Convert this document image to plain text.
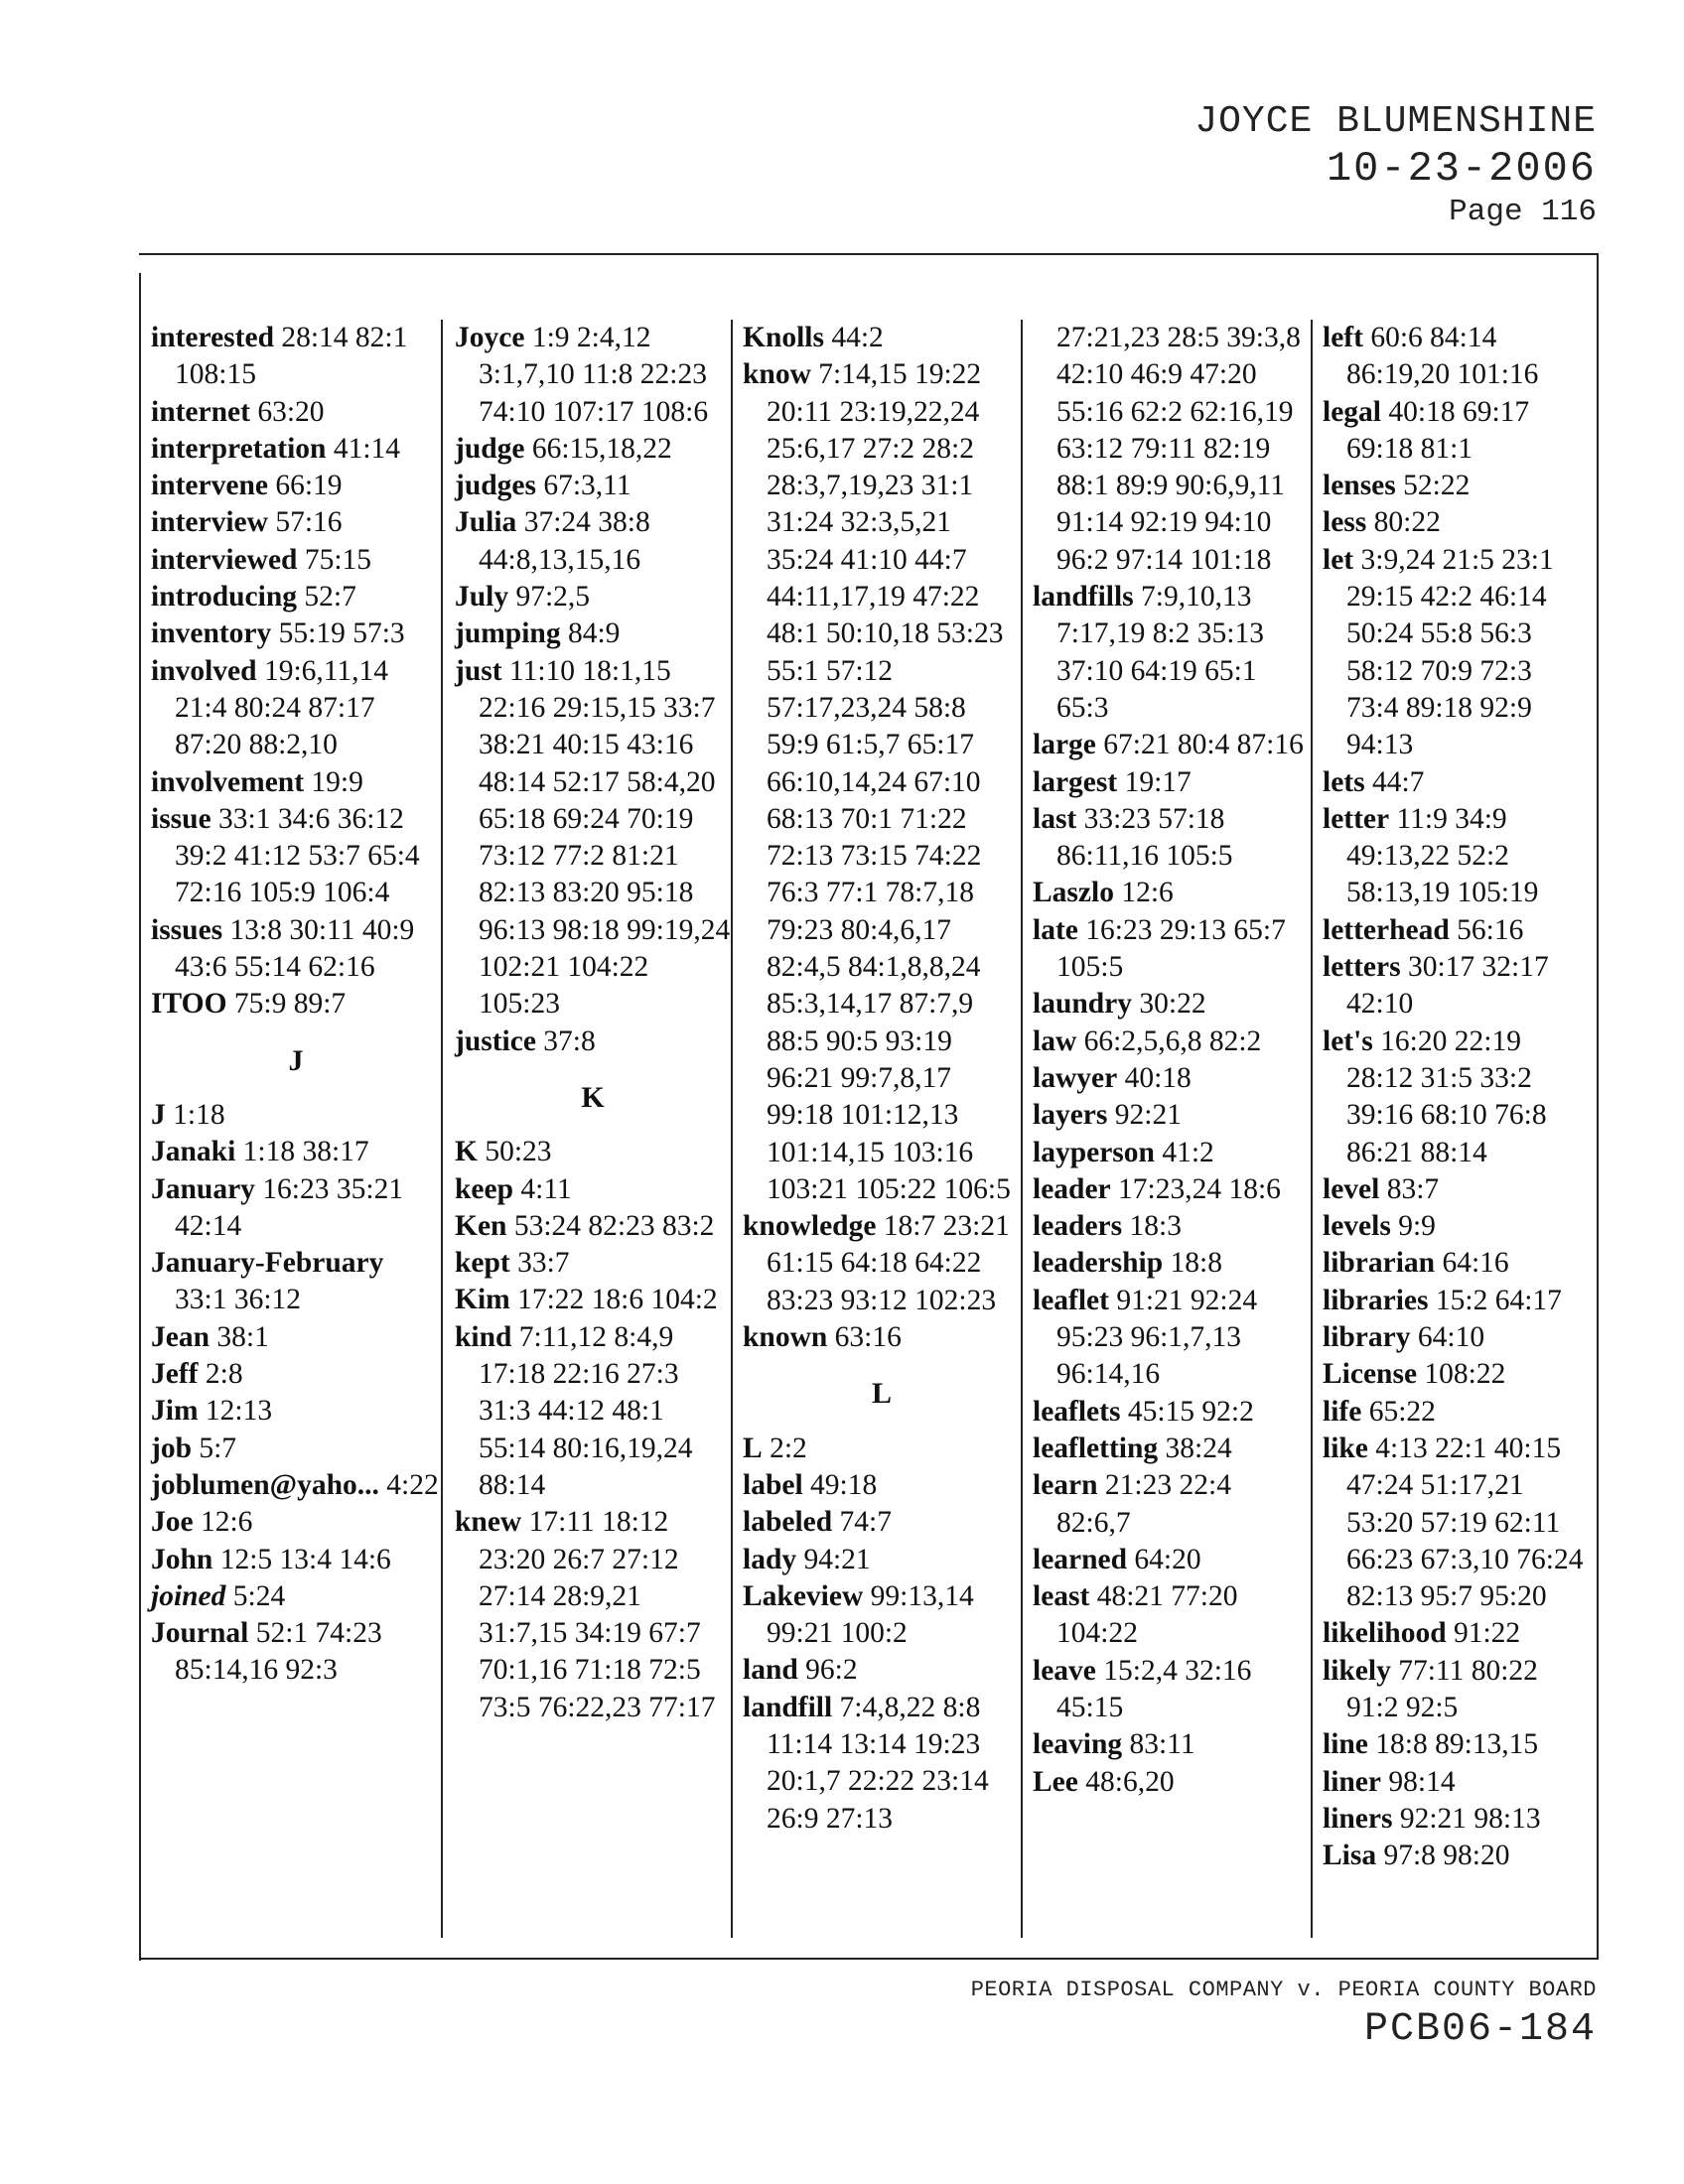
JOYCE BLUMENSHINE
10-23-2006
Page 116
interested 28:14 82:1 108:15
internet 63:20
interpretation 41:14
intervene 66:19
interview 57:16
interviewed 75:15
introducing 52:7
inventory 55:19 57:3
involved 19:6,11,14 21:4 80:24 87:17 87:20 88:2,10
involvement 19:9
issue 33:1 34:6 36:12 39:2 41:12 53:7 65:4 72:16 105:9 106:4
issues 13:8 30:11 40:9 43:6 55:14 62:16
ITOO 75:9 89:7
J
J 1:18
Janaki 1:18 38:17
January 16:23 35:21 42:14
January-February 33:1 36:12
Jean 38:1
Jeff 2:8
Jim 12:13
job 5:7
joblumen@yaho... 4:22
Joe 12:6
John 12:5 13:4 14:6
joined 5:24
Journal 52:1 74:23 85:14,16 92:3
Joyce 1:9 2:4,12 3:1,7,10 11:8 22:23 74:10 107:17 108:6
judge 66:15,18,22
judges 67:3,11
Julia 37:24 38:8 44:8,13,15,16
July 97:2,5
jumping 84:9
just 11:10 18:1,15 22:16 29:15,15 33:7 38:21 40:15 43:16 48:14 52:17 58:4,20 65:18 69:24 70:19 73:12 77:2 81:21 82:13 83:20 95:18 96:13 98:18 99:19,24 102:21 104:22 105:23
justice 37:8
K
K 50:23
keep 4:11
Ken 53:24 82:23 83:2
kept 33:7
Kim 17:22 18:6 104:2
kind 7:11,12 8:4,9 17:18 22:16 27:3 31:3 44:12 48:1 55:14 80:16,19,24 88:14
knew 17:11 18:12 23:20 26:7 27:12 27:14 28:9,21 31:7,15 34:19 67:7 70:1,16 71:18 72:5 73:5 76:22,23 77:17
Knolls 44:2
know 7:14,15 19:22 20:11 23:19,22,24 25:6,17 27:2 28:2 28:3,7,19,23 31:1 31:24 32:3,5,21 35:24 41:10 44:7 44:11,17,19 47:22 48:1 50:10,18 53:23 55:1 57:12 57:17,23,24 58:8 59:9 61:5,7 65:17 66:10,14,24 67:10 68:13 70:1 71:22 72:13 73:15 74:22 76:3 77:1 78:7,18 79:23 80:4,6,17 82:4,5 84:1,8,8,24 85:3,14,17 87:7,9 88:5 90:5 93:19 96:21 99:7,8,17 99:18 101:12,13 101:14,15 103:16 103:21 105:22 106:5
knowledge 18:7 23:21 61:15 64:18 64:22 83:23 93:12 102:23
known 63:16
L
L 2:2
label 49:18
labeled 74:7
lady 94:21
Lakeview 99:13,14 99:21 100:2
land 96:2
landfill 7:4,8,22 8:8 11:14 13:14 19:23 20:1,7 22:22 23:14 26:9 27:13
27:21,23 28:5 39:3,8 42:10 46:9 47:20 55:16 62:2 62:16,19 63:12 79:11 82:19 88:1 89:9 90:6,9,11 91:14 92:19 94:10 96:2 97:14 101:18
landfills 7:9,10,13 7:17,19 8:2 35:13 37:10 64:19 65:1 65:3
large 67:21 80:4 87:16
largest 19:17
last 33:23 57:18 86:11,16 105:5
Laszlo 12:6
late 16:23 29:13 65:7 105:5
laundry 30:22
law 66:2,5,6,8 82:2
lawyer 40:18
layers 92:21
layperson 41:2
leader 17:23,24 18:6
leaders 18:3
leadership 18:8
leaflet 91:21 92:24 95:23 96:1,7,13 96:14,16
leaflets 45:15 92:2
leafletting 38:24
learn 21:23 22:4 82:6,7
learned 64:20
least 48:21 77:20 104:22
leave 15:2,4 32:16 45:15
leaving 83:11
Lee 48:6,20
left 60:6 84:14 86:19,20 101:16
legal 40:18 69:17 69:18 81:1
lenses 52:22
less 80:22
let 3:9,24 21:5 23:1 29:15 42:2 46:14 50:24 55:8 56:3 58:12 70:9 72:3 73:4 89:18 92:9 94:13
lets 44:7
letter 11:9 34:9 49:13,22 52:2 58:13,19 105:19
letterhead 56:16
letters 30:17 32:17 42:10
let's 16:20 22:19 28:12 31:5 33:2 39:16 68:10 76:8 86:21 88:14
level 83:7
levels 9:9
librarian 64:16
libraries 15:2 64:17
library 64:10
License 108:22
life 65:22
like 4:13 22:1 40:15 47:24 51:17,21 53:20 57:19 62:11 66:23 67:3,10 76:24 82:13 95:7 95:20
likelihood 91:22
likely 77:11 80:22 91:2 92:5
line 18:8 89:13,15
liner 98:14
liners 92:21 98:13
Lisa 97:8 98:20
PEORIA DISPOSAL COMPANY v. PEORIA COUNTY BOARD
PCB06-184
